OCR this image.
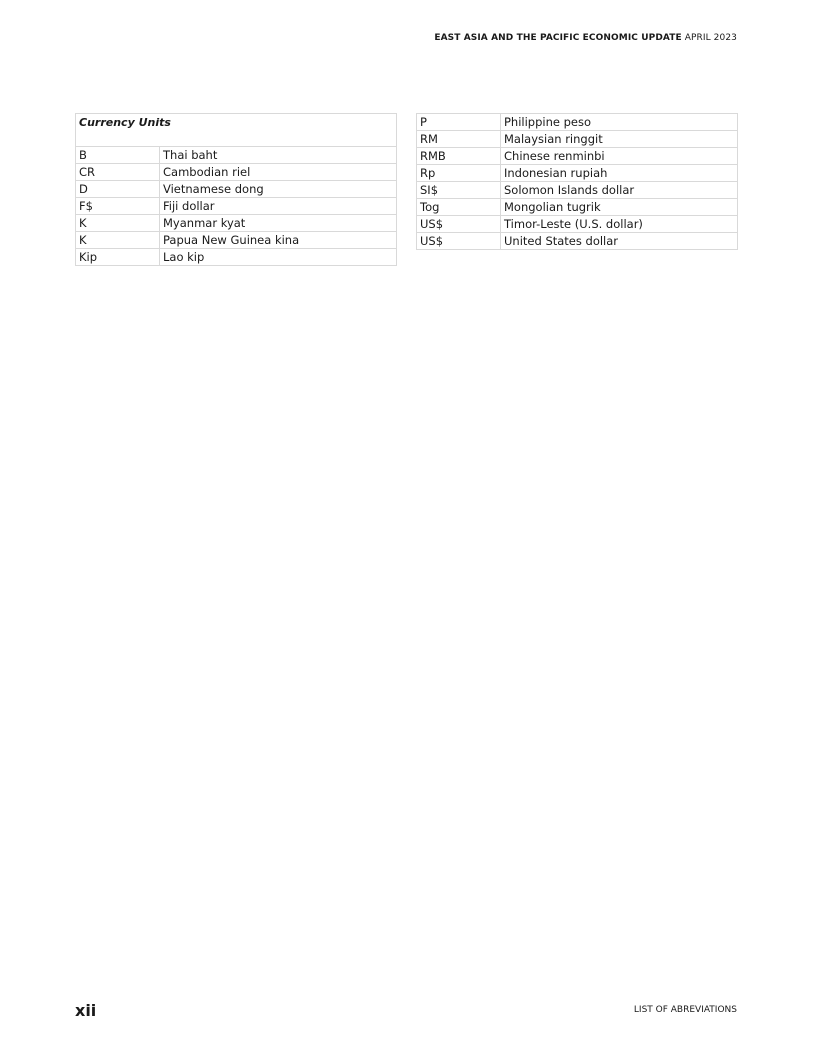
EAST ASIA AND THE PACIFIC ECONOMIC UPDATE APRIL 2023
Currency Units	
B	Thai baht
CR	Cambodian riel
D	Vietnamese dong
F$	Fiji dollar
K	Myanmar kyat
K	Papua New Guinea kina
Kip	Lao kip
P	Philippine peso
RM	Malaysian ringgit
RMB	Chinese renminbi
Rp	Indonesian rupiah
SI$	Solomon Islands dollar
Tog	Mongolian tugrik
US$	Timor-Leste (U.S. dollar)
US$	United States dollar
xii	LIST OF ABREVIATIONS
